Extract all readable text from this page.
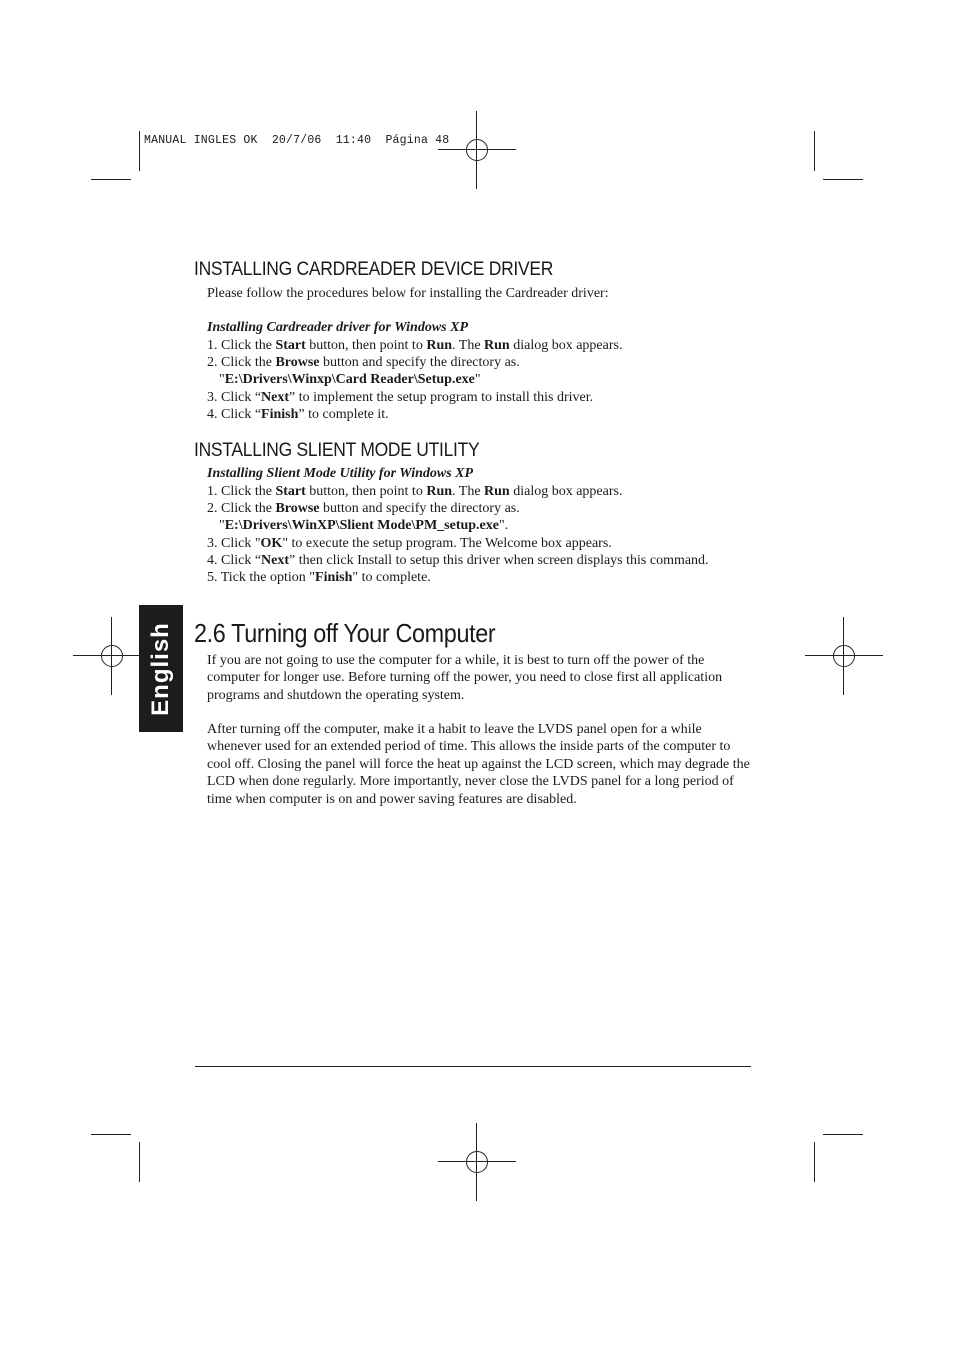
MANUAL INGLES OK  20/7/06  11:40  Página 48
English
INSTALLING CARDREADER DEVICE DRIVER
Please follow the procedures below for installing the Cardreader driver:
Installing Cardreader driver for Windows XP
1. Click the Start button, then point to Run. The Run dialog box appears.
2. Click the Browse button and specify the directory as.
"E:\Drivers\Winxp\Card Reader\Setup.exe"
3. Click “Next” to implement the setup program to install this driver.
4. Click “Finish” to complete it.
INSTALLING SLIENT MODE UTILITY
Installing Slient Mode Utility for Windows XP
1. Click the Start button, then point to Run. The Run dialog box appears.
2. Click the Browse button and specify the directory as.
"E:\Drivers\WinXP\Slient Mode\PM_setup.exe".
3. Click "OK" to execute the setup program. The Welcome box appears.
4. Click “Next” then click Install to setup this driver when screen displays this command.
5. Tick the option "Finish" to complete.
2.6 Turning off Your Computer
If you are not going to use the computer for a while, it is best to turn off the power of the computer for longer use. Before turning off the power, you need to close first all application programs and shutdown the operating system.
After turning off the computer, make it a habit to leave the LVDS panel open for a while whenever used for an extended period of time. This allows the inside parts of the computer to cool off. Closing the panel will force the heat up against the LCD screen, which may degrade the LCD when done regularly. More importantly, never close the LVDS panel for a long period of time when computer is on and power saving features are disabled.
